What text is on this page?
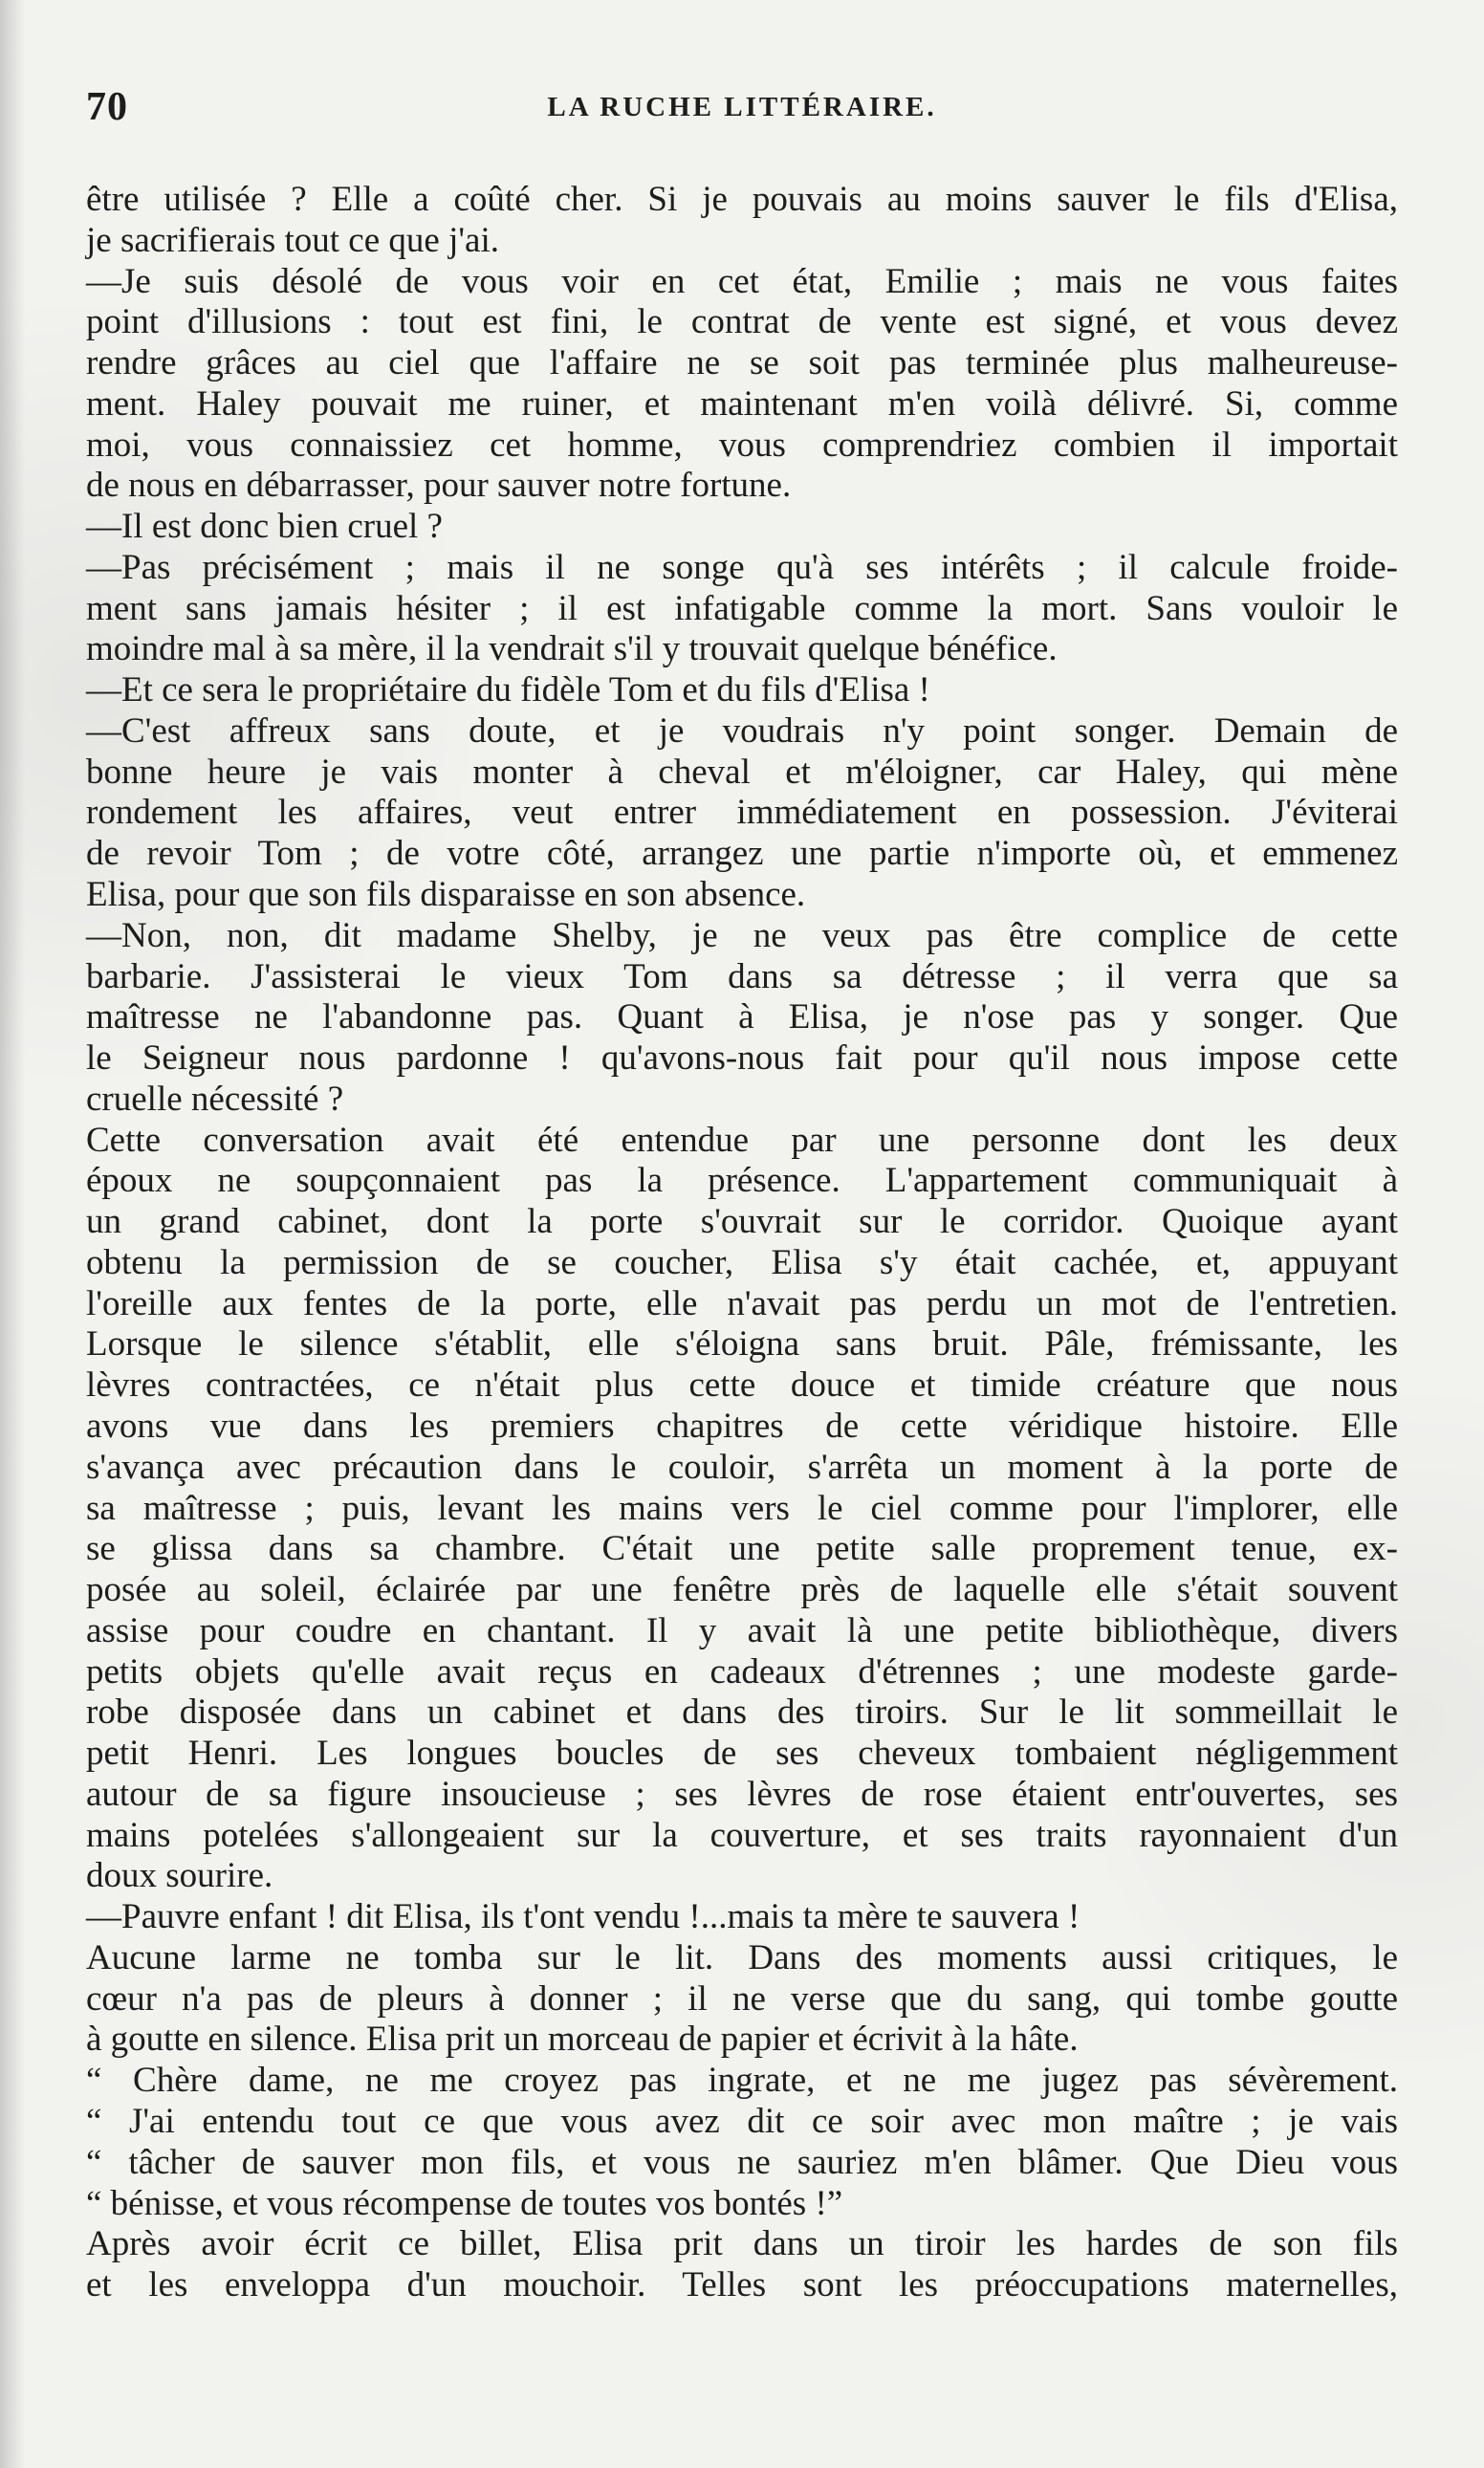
70	LA RUCHE LITTÉRAIRE.
être utilisée ? Elle a coûté cher. Si je pouvais au moins sauver le fils d'Elisa,
je sacrifierais tout ce que j'ai.
—Je suis désolé de vous voir en cet état, Emilie ; mais ne vous faites
point d'illusions : tout est fini, le contrat de vente est signé, et vous devez
rendre grâces au ciel que l'affaire ne se soit pas terminée plus malheureuse-
ment. Haley pouvait me ruiner, et maintenant m'en voilà délivré. Si, comme
moi, vous connaissiez cet homme, vous comprendriez combien il importait
de nous en débarrasser, pour sauver notre fortune.
—Il est donc bien cruel ?
—Pas précisément ; mais il ne songe qu'à ses intérêts ; il calcule froide-
ment sans jamais hésiter ; il est infatigable comme la mort. Sans vouloir le
moindre mal à sa mère, il la vendrait s'il y trouvait quelque bénéfice.
—Et ce sera le propriétaire du fidèle Tom et du fils d'Elisa !
—C'est affreux sans doute, et je voudrais n'y point songer. Demain de
bonne heure je vais monter à cheval et m'éloigner, car Haley, qui mène
rondement les affaires, veut entrer immédiatement en possession. J'éviterai
de revoir Tom ; de votre côté, arrangez une partie n'importe où, et emmenez
Elisa, pour que son fils disparaisse en son absence.
—Non, non, dit madame Shelby, je ne veux pas être complice de cette
barbarie. J'assisterai le vieux Tom dans sa détresse ; il verra que sa
maîtresse ne l'abandonne pas. Quant à Elisa, je n'ose pas y songer. Que
le Seigneur nous pardonne ! qu'avons-nous fait pour qu'il nous impose cette
cruelle nécessité ?
Cette conversation avait été entendue par une personne dont les deux
époux ne soupçonnaient pas la présence. L'appartement communiquait à
un grand cabinet, dont la porte s'ouvrait sur le corridor. Quoique ayant
obtenu la permission de se coucher, Elisa s'y était cachée, et, appuyant
l'oreille aux fentes de la porte, elle n'avait pas perdu un mot de l'entretien.
Lorsque le silence s'établit, elle s'éloigna sans bruit. Pâle, frémissante, les
lèvres contractées, ce n'était plus cette douce et timide créature que nous
avons vue dans les premiers chapitres de cette véridique histoire. Elle
s'avança avec précaution dans le couloir, s'arrêta un moment à la porte de
sa maîtresse ; puis, levant les mains vers le ciel comme pour l'implorer, elle
se glissa dans sa chambre. C'était une petite salle proprement tenue, ex-
posée au soleil, éclairée par une fenêtre près de laquelle elle s'était souvent
assise pour coudre en chantant. Il y avait là une petite bibliothèque, divers
petits objets qu'elle avait reçus en cadeaux d'étrennes ; une modeste garde-
robe disposée dans un cabinet et dans des tiroirs. Sur le lit sommeillait le
petit Henri. Les longues boucles de ses cheveux tombaient négligemment
autour de sa figure insoucieuse ; ses lèvres de rose étaient entr'ouvertes, ses
mains potelées s'allongeaient sur la couverture, et ses traits rayonnaient d'un
doux sourire.
—Pauvre enfant ! dit Elisa, ils t'ont vendu !...mais ta mère te sauvera !
Aucune larme ne tomba sur le lit. Dans des moments aussi critiques, le
cœur n'a pas de pleurs à donner ; il ne verse que du sang, qui tombe goutte
à goutte en silence. Elisa prit un morceau de papier et écrivit à la hâte.
“ Chère dame, ne me croyez pas ingrate, et ne me jugez pas sévèrement.
“ J'ai entendu tout ce que vous avez dit ce soir avec mon maître ; je vais
“ tâcher de sauver mon fils, et vous ne sauriez m'en blâmer. Que Dieu vous
“ bénisse, et vous récompense de toutes vos bontés !”
Après avoir écrit ce billet, Elisa prit dans un tiroir les hardes de son fils
et les enveloppa d'un mouchoir. Telles sont les préoccupations maternelles,
